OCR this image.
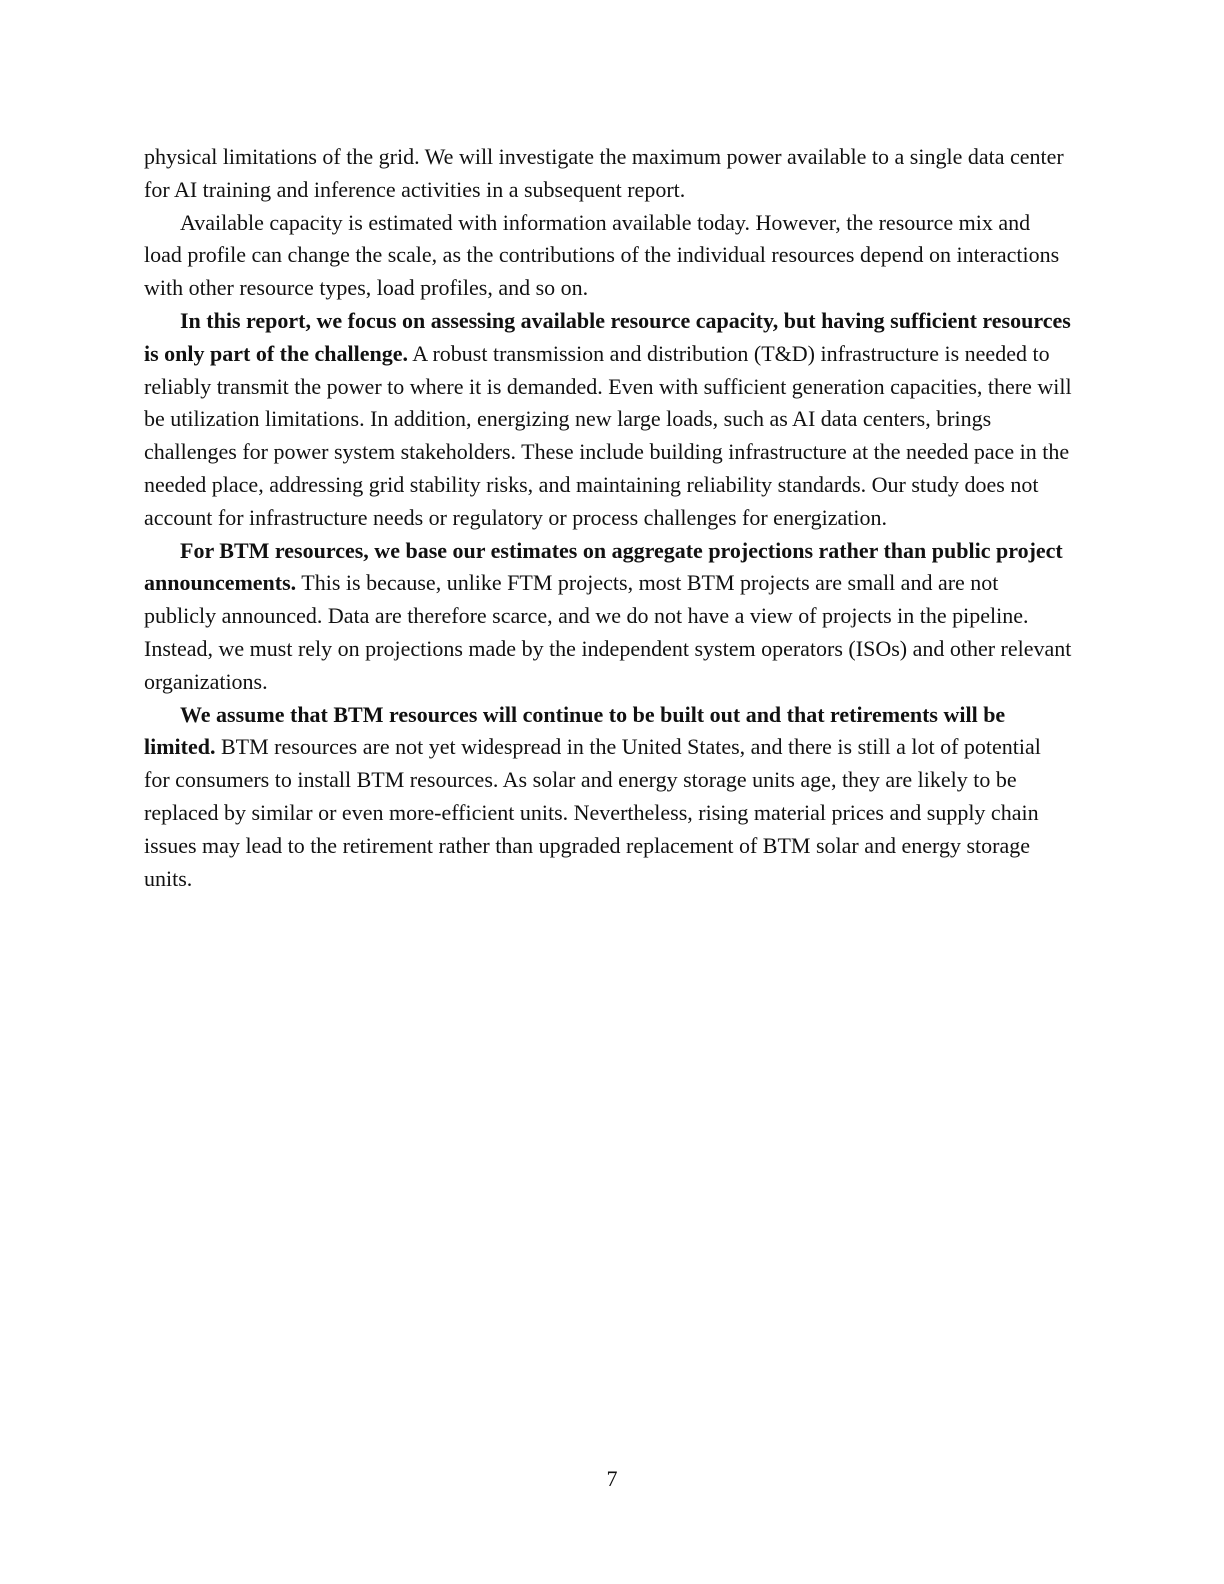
physical limitations of the grid. We will investigate the maximum power available to a single data center for AI training and inference activities in a subsequent report.

Available capacity is estimated with information available today. However, the resource mix and load profile can change the scale, as the contributions of the individual resources depend on interactions with other resource types, load profiles, and so on.

In this report, we focus on assessing available resource capacity, but having sufficient resources is only part of the challenge. A robust transmission and distribution (T&D) infrastructure is needed to reliably transmit the power to where it is demanded. Even with sufficient generation capacities, there will be utilization limitations. In addition, energizing new large loads, such as AI data centers, brings challenges for power system stakeholders. These include building infrastructure at the needed pace in the needed place, addressing grid stability risks, and maintaining reliability standards. Our study does not account for infrastructure needs or regulatory or process challenges for energization.

For BTM resources, we base our estimates on aggregate projections rather than public project announcements. This is because, unlike FTM projects, most BTM projects are small and are not publicly announced. Data are therefore scarce, and we do not have a view of projects in the pipeline. Instead, we must rely on projections made by the independent system operators (ISOs) and other relevant organizations.

We assume that BTM resources will continue to be built out and that retirements will be limited. BTM resources are not yet widespread in the United States, and there is still a lot of potential for consumers to install BTM resources. As solar and energy storage units age, they are likely to be replaced by similar or even more-efficient units. Nevertheless, rising material prices and supply chain issues may lead to the retirement rather than upgraded replacement of BTM solar and energy storage units.

7
